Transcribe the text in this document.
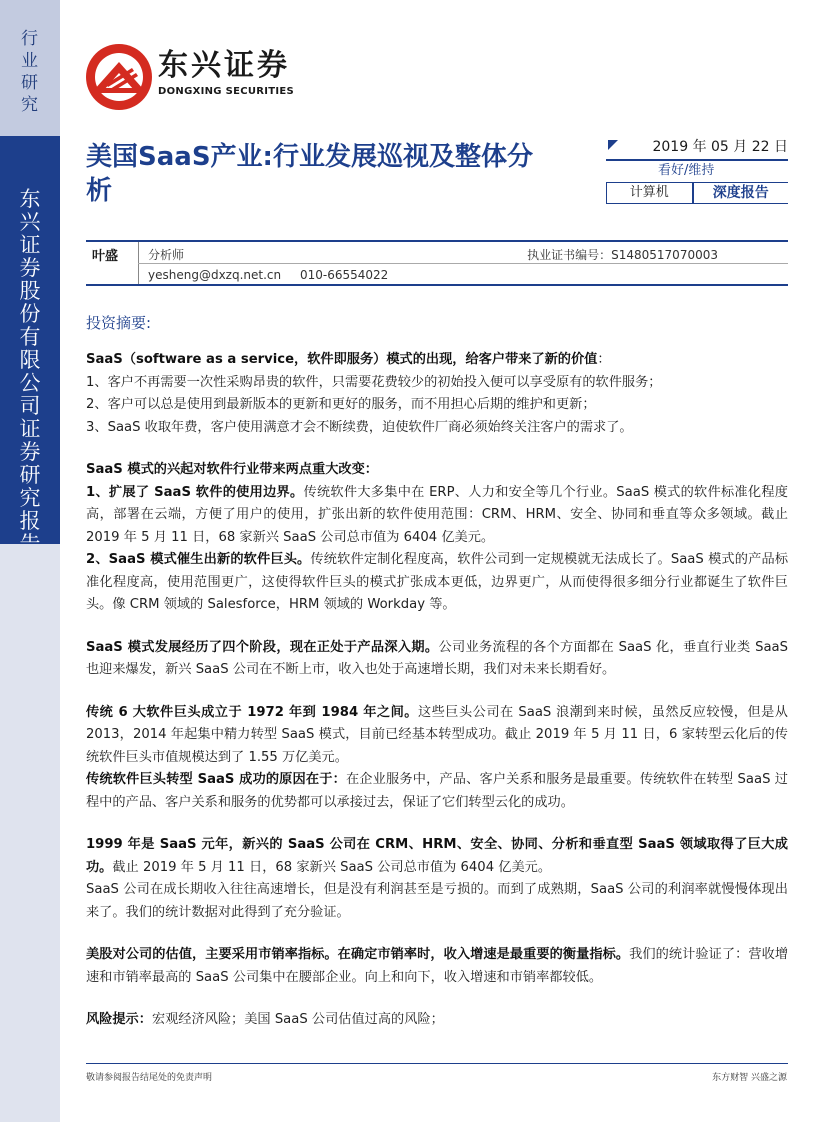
行业研究
东兴证券股份有限公司证券研究报
东兴证券
DONGXING SECURITIES
美国SaaS产业:行业发展巡视及整体分析
2019 年 05 月 22 日
看好/维持
计算机	深度报告
叶盛 分析师	执业证书编号：S1480517070003
yesheng@dxzq.net.cn 010-66554022
投资摘要:
SaaS（software as a service，软件即服务）模式的出现，给客户带来了新的价值：
1、客户不再需要一次性采购昂贵的软件，只需要花费较少的初始投入便可以享受原有的软件服务；
2、客户可以总是使用到最新版本的更新和更好的服务，而不用担心后期的维护和更新；
3、SaaS 收取年费，客户使用满意才会不断续费，迫使软件厂商必须始终关注客户的需求了。
SaaS 模式的兴起对软件行业带来两点重大改变：
1、扩展了 SaaS 软件的使用边界。传统软件大多集中在 ERP、人力和安全等几个行业。SaaS 模式的软件标准化程度高，部署在云端，方便了用户的使用，扩张出新的软件使用范围：CRM、HRM、安全、协同和垂直等众多领域。截止 2019 年 5 月 11 日，68 家新兴 SaaS 公司总市值为 6404 亿美元。
2、SaaS 模式催生出新的软件巨头。传统软件定制化程度高，软件公司到一定规模就无法成长了。SaaS 模式的产品标准化程度高，使用范围更广，这使得软件巨头的模式扩张成本更低，边界更广，从而使得很多细分行业都诞生了软件巨头。像 CRM 领域的 Salesforce，HRM 领域的 Workday 等。
SaaS 模式发展经历了四个阶段，现在正处于产品深入期。公司业务流程的各个方面都在 SaaS 化，垂直行业类 SaaS 也迎来爆发，新兴 SaaS 公司在不断上市，收入也处于高速增长期，我们对未来长期看好。
传统 6 大软件巨头成立于 1972 年到 1984 年之间。这些巨头公司在 SaaS 浪潮到来时候，虽然反应较慢，但是从 2013，2014 年起集中精力转型 SaaS 模式，目前已经基本转型成功。截止 2019 年 5 月 11 日，6 家转型云化后的传统软件巨头市值规模达到了 1.55 万亿美元。
传统软件巨头转型 SaaS 成功的原因在于：在企业服务中，产品、客户关系和服务是最重要。传统软件在转型 SaaS 过程中的产品、客户关系和服务的优势都可以承接过去，保证了它们转型云化的成功。
1999 年是 SaaS 元年，新兴的 SaaS 公司在 CRM、HRM、安全、协同、分析和垂直型 SaaS 领域取得了巨大成功。截止 2019 年 5 月 11 日，68 家新兴 SaaS 公司总市值为 6404 亿美元。
SaaS 公司在成长期收入往往高速增长，但是没有利润甚至是亏损的。而到了成熟期，SaaS 公司的利润率就慢慢体现出来了。我们的统计数据对此得到了充分验证。
美股对公司的估值，主要采用市销率指标。在确定市销率时，收入增速是最重要的衡量指标。我们的统计验证了：营收增速和市销率最高的 SaaS 公司集中在腰部企业。向上和向下，收入增速和市销率都较低。
风险提示：宏观经济风险；美国 SaaS 公司估值过高的风险；
敬请参阅报告结尾处的免责声明	东方财智 兴盛之源
